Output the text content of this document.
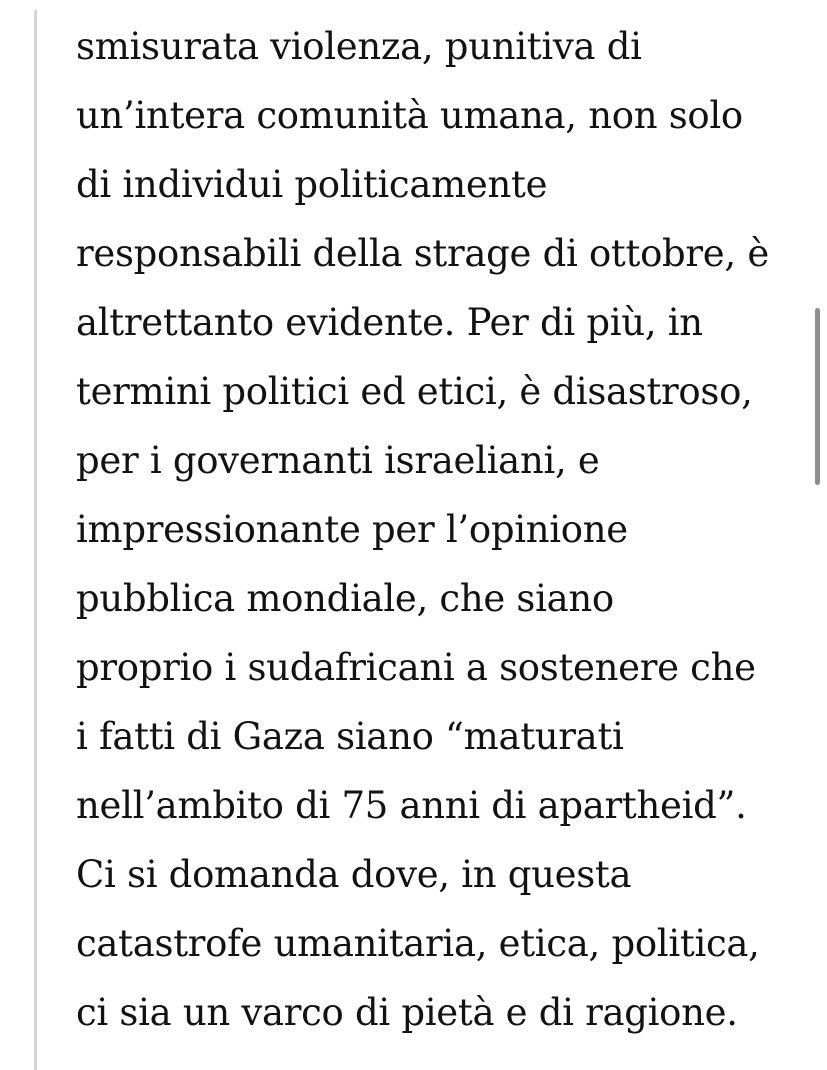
smisurata violenza, punitiva di
un’intera comunità umana, non solo
di individui politicamente
responsabili della strage di ottobre, è
altrettanto evidente. Per di più, in
termini politici ed etici, è disastroso,
per i governanti israeliani, e
impressionante per l’opinione
pubblica mondiale, che siano
proprio i sudafricani a sostenere che
i fatti di Gaza siano “maturati
nell’ambito di 75 anni di apartheid”.
Ci si domanda dove, in questa
catastrofe umanitaria, etica, politica,
ci sia un varco di pietà e di ragione.
